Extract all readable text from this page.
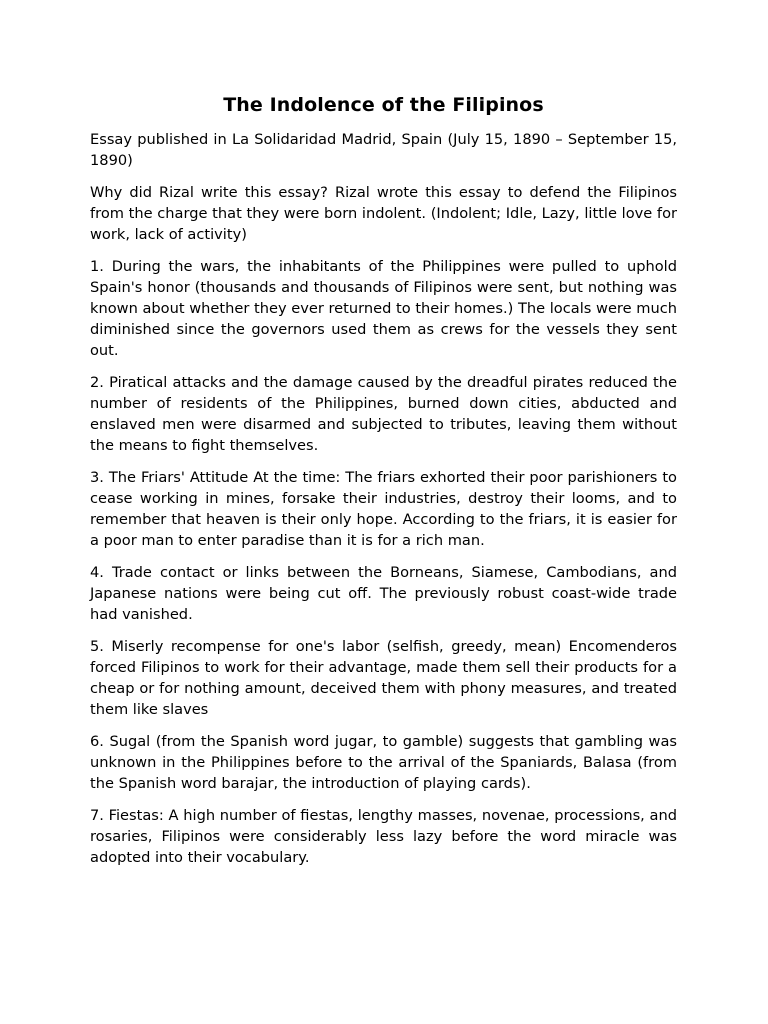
The Indolence of the Filipinos

Essay published in La Solidaridad Madrid, Spain (July 15, 1890 – September 15, 1890)

Why did Rizal write this essay? Rizal wrote this essay to defend the Filipinos from the charge that they were born indolent. (Indolent; Idle, Lazy, little love for work, lack of activity)

1. During the wars, the inhabitants of the Philippines were pulled to uphold Spain's honor (thousands and thousands of Filipinos were sent, but nothing was known about whether they ever returned to their homes.) The locals were much diminished since the governors used them as crews for the vessels they sent out.

2. Piratical attacks and the damage caused by the dreadful pirates reduced the number of residents of the Philippines, burned down cities, abducted and enslaved men were disarmed and subjected to tributes, leaving them without the means to fight themselves.

3. The Friars' Attitude At the time: The friars exhorted their poor parishioners to cease working in mines, forsake their industries, destroy their looms, and to remember that heaven is their only hope. According to the friars, it is easier for a poor man to enter paradise than it is for a rich man.

4. Trade contact or links between the Borneans, Siamese, Cambodians, and Japanese nations were being cut off. The previously robust coast-wide trade had vanished.

5. Miserly recompense for one's labor (selfish, greedy, mean) Encomenderos forced Filipinos to work for their advantage, made them sell their products for a cheap or for nothing amount, deceived them with phony measures, and treated them like slaves

6. Sugal (from the Spanish word jugar, to gamble) suggests that gambling was unknown in the Philippines before to the arrival of the Spaniards, Balasa (from the Spanish word barajar, the introduction of playing cards).

7. Fiestas: A high number of fiestas, lengthy masses, novenae, processions, and rosaries, Filipinos were considerably less lazy before the word miracle was adopted into their vocabulary.
